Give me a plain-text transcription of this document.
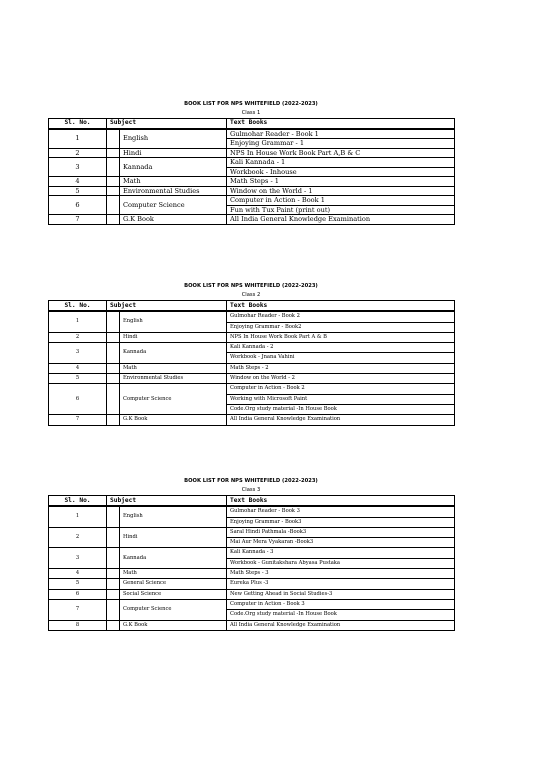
BOOK LIST FOR NPS WHITEFIELD (2022-2023)
Class 1
Sl. No.	Subject		Text Books
1		English	Gulmohar Reader - Book 1
			Enjoying Grammar - 1
2		Hindi	NPS In House Work Book Part A,B & C
3		Kannada	Kali Kannada - 1
			Workbook - Inhouse
4		Math	Math Steps - 1
5		Environmental Studies	Window on the World - 1
6		Computer Science	Computer in Action - Book 1
			Fun with Tux Paint (print out)
7		G.K Book	All India General Knowledge Examination
BOOK LIST FOR NPS WHITEFIELD (2022-2023)
Class 2
Sl. No.	Subject		Text Books
1		English	Gulmohar Reader - Book 2
			Enjoying Grammar - Book2
2		Hindi	NPS In House Work Book Part A & B
3		Kannada	Kali Kannada - 2
			Workbook - Jnana Vahini
4		Math	Math Steps - 2
5		Environmental Studies	Window on the World - 2
6		Computer Science	Computer in Action - Book 2
			Working with Microsoft Paint
			Code.Org study material -In House Book
7		G.K Book	All India General Knowledge Examination
BOOK LIST FOR NPS WHITEFIELD (2022-2023)
Class 3
Sl. No.	Subject		Text Books
1		English	Gulmohar Reader - Book 3
			Enjoying Grammar - Book3
2		Hindi	Saral Hindi Pathmala -Book3
			Mai Aur Mera Vyakaran -Book3
3		Kannada	Kali Kannada - 3
			Workbook - Gunitakshara Abyasa Pustaka
4		Math	Math Steps - 3
5		General Science	Eureka Plus -3
6		Social Science	New Getting Ahead in Social Studies-3
7		Computer Science	Computer in Action - Book 3
			Code.Org study material -In House Book
8		G.K Book	All India General Knowledge Examination
